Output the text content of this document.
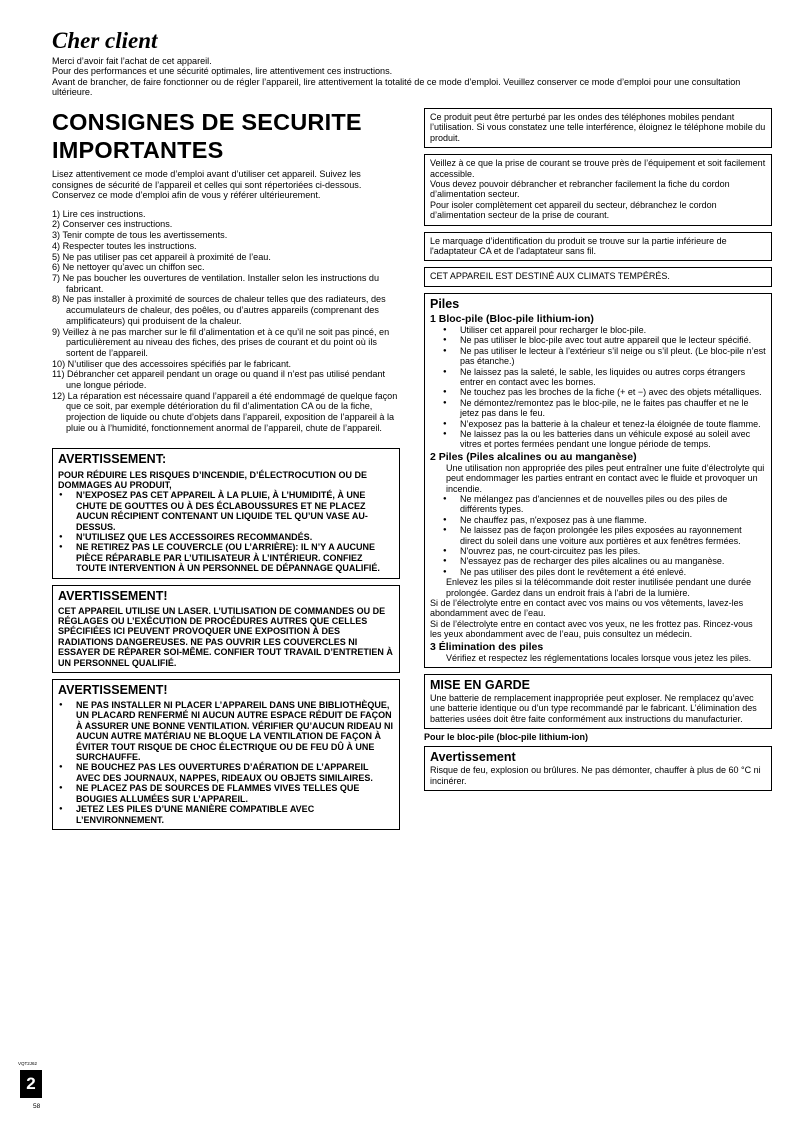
Cher client

Merci d’avoir fait l’achat de cet appareil.

Pour des performances et une sécurité optimales, lire attentivement ces instructions.

Avant de brancher, de faire fonctionner ou de régler l’appareil, lire attentivement la totalité de ce mode d’emploi. Veuillez conserver ce mode d’emploi pour une consultation ultérieure.

CONSIGNES DE SECURITE
IMPORTANTES

Lisez attentivement ce mode d’emploi avant d’utiliser cet appareil. Suivez les consignes de sécurité de l’appareil et celles qui sont répertoriées ci-dessous. Conservez ce mode d’emploi afin de vous y référer ultérieurement.

1) Lire ces instructions.
2) Conserver ces instructions.
3) Tenir compte de tous les avertissements.
4) Respecter toutes les instructions.
5) Ne pas utiliser pas cet appareil à proximité de l’eau.
6) Ne nettoyer qu’avec un chiffon sec.
7) Ne pas boucher les ouvertures de ventilation. Installer selon les instructions du fabricant.
8) Ne pas installer à proximité de sources de chaleur telles que des radiateurs, des accumulateurs de chaleur, des poêles, ou d’autres appareils (comprenant des amplificateurs) qui produisent de la chaleur.
9) Veillez à ne pas marcher sur le fil d’alimentation et à ce qu’il ne soit pas pincé, en particulièrement au niveau des fiches, des prises de courant et du point où ils sortent de l’appareil.
10) N’utiliser que des accessoires spécifiés par le fabricant.
11) Débrancher cet appareil pendant un orage ou quand il n’est pas utilisé pendant une longue période.
12) La réparation est nécessaire quand l’appareil a été endommagé de quelque façon que ce soit, par exemple détérioration du fil d’alimentation CA ou de la fiche, projection de liquide ou chute d’objets dans l’appareil, exposition de l’appareil à la pluie ou à l’humidité, fonctionnement anormal de l’appareil, chute de l’appareil.
AVERTISSEMENT:

POUR RÉDUIRE LES RISQUES D’INCENDIE, D’ÉLECTROCUTION OU DE DOMMAGES AU PRODUIT,

● N’EXPOSEZ PAS CET APPAREIL À LA PLUIE, À L’HUMIDITÉ, À UNE CHUTE DE GOUTTES OU À DES ÉCLABOUSSURES ET NE PLACEZ AUCUN RÉCIPIENT CONTENANT UN LIQUIDE TEL QU’UN VASE AU-DESSUS.

● N’UTILISEZ QUE LES ACCESSOIRES RECOMMANDÉS.

● NE RETIREZ PAS LE COUVERCLE (OU L’ARRIÈRE): IL N’Y A AUCUNE PIÈCE RÉPARABLE PAR L’UTILISATEUR À L’INTÉRIEUR. CONFIEZ TOUTE INTERVENTION À UN PERSONNEL DE DÉPANNAGE QUALIFIÉ.

AVERTISSEMENT!

CET APPAREIL UTILISE UN LASER. L’UTILISATION DE COMMANDES OU DE RÉGLAGES OU L’EXÉCUTION DE PROCÉDURES AUTRES QUE CELLES SPÉCIFIÉES ICI PEUVENT PROVOQUER UNE EXPOSITION À DES RADIATIONS DANGEREUSES. NE PAS OUVRIR LES COUVERCLES NI ESSAYER DE RÉPARER SOI-MÊME. CONFIER TOUT TRAVAIL D’ENTRETIEN À UN PERSONNEL QUALIFIÉ.

AVERTISSEMENT!

● NE PAS INSTALLER NI PLACER L’APPAREIL DANS UNE BIBLIOTHÈQUE, UN PLACARD RENFERMÉ NI AUCUN AUTRE ESPACE RÉDUIT DE FAÇON À ASSURER UNE BONNE VENTILATION. VÉRIFIER QU’AUCUN RIDEAU NI AUCUN AUTRE MATÉRIAU NE BLOQUE LA VENTILATION DE FAÇON À ÉVITER TOUT RISQUE DE CHOC ÉLECTRIQUE OU DE FEU DÛ À UNE SURCHAUFFE.

● NE BOUCHEZ PAS LES OUVERTURES D’AÉRATION DE L’APPAREIL AVEC DES JOURNAUX, NAPPES, RIDEAUX OU OBJETS SIMILAIRES.

● NE PLACEZ PAS DE SOURCES DE FLAMMES VIVES TELLES QUE BOUGIES ALLUMÉES SUR L’APPAREIL.

● JETEZ LES PILES D’UNE MANIÈRE COMPATIBLE AVEC L’ENVIRONNEMENT.

Ce produit peut être perturbé par les ondes des téléphones mobiles pendant l’utilisation. Si vous constatez une telle interférence, éloignez le téléphone mobile du produit.

Veillez à ce que la prise de courant se trouve près de l’équipement et soit facilement accessible.

Vous devez pouvoir débrancher et rebrancher facilement la fiche du cordon d’alimentation secteur.

Pour isoler complètement cet appareil du secteur, débranchez le cordon d’alimentation secteur de la prise de courant.

Le marquage d’identification du produit se trouve sur la partie inférieure de l'adaptateur CA et de l'adaptateur sans fil.

CET APPAREIL EST DESTINÉ AUX CLIMATS TEMPÉRÉS.

Piles
1 Bloc-pile (Bloc-pile lithium-ion)

● Utiliser cet appareil pour recharger le bloc-pile.

● Ne pas utiliser le bloc-pile avec tout autre appareil que le lecteur spécifié.

● Ne pas utiliser le lecteur à l’extérieur s’il neige ou s’il pleut. (Le bloc-pile n’est pas étanche.)

● Ne laissez pas la saleté, le sable, les liquides ou autres corps étrangers entrer en contact avec les bornes.

● Ne touchez pas les broches de la fiche (+ et −) avec des objets métalliques.

● Ne démontez/remontez pas le bloc-pile, ne le faites pas chauffer et ne le jetez pas dans le feu.

● N’exposez pas la batterie à la chaleur et tenez-la éloignée de toute flamme.

● Ne laissez pas la ou les batteries dans un véhicule exposé au soleil avec vitres et portes fermées pendant une longue période de temps.

2 Piles (Piles alcalines ou au manganèse)

Une utilisation non appropriée des piles peut entraîner une fuite d’électrolyte qui peut endommager les parties entrant en contact avec le fluide et provoquer un incendie.

● Ne mélangez pas d'anciennes et de nouvelles piles ou des piles de différents types.

● Ne chauffez pas, n'exposez pas à une flamme.

● Ne laissez pas de façon prolongée les piles exposées au rayonnement direct du soleil dans une voiture aux portières et aux fenêtres fermées.

● N'ouvrez pas, ne court-circuitez pas les piles.

● N'essayez pas de recharger des piles alcalines ou au manganèse.

● Ne pas utiliser des piles dont le revêtement a été enlevé.

Enlevez les piles si la télécommande doit rester inutilisée pendant une durée prolongée. Gardez dans un endroit frais à l'abri de la lumière.

Si de l’électrolyte entre en contact avec vos mains ou vos vêtements, lavez-les abondamment avec de l’eau.

Si de l’électrolyte entre en contact avec vos yeux, ne les frottez pas. Rincez-vous les yeux abondamment avec de l’eau, puis consultez un médecin.

3 Élimination des piles

Vérifiez et respectez les réglementations locales lorsque vous jetez les piles.

MISE EN GARDE

Une batterie de remplacement inappropriée peut exploser. Ne remplacez qu’avec une batterie identique ou d’un type recommandé par le fabricant. L’élimination des batteries usées doit être faite conformément aux instructions du manufacturier.

Pour le bloc-pile (bloc-pile lithium-ion)
Avertissement

Risque de feu, explosion ou brûlures. Ne pas démonter, chauffer à plus de 60 °C ni incinérer.

VQT2J62
2
58
